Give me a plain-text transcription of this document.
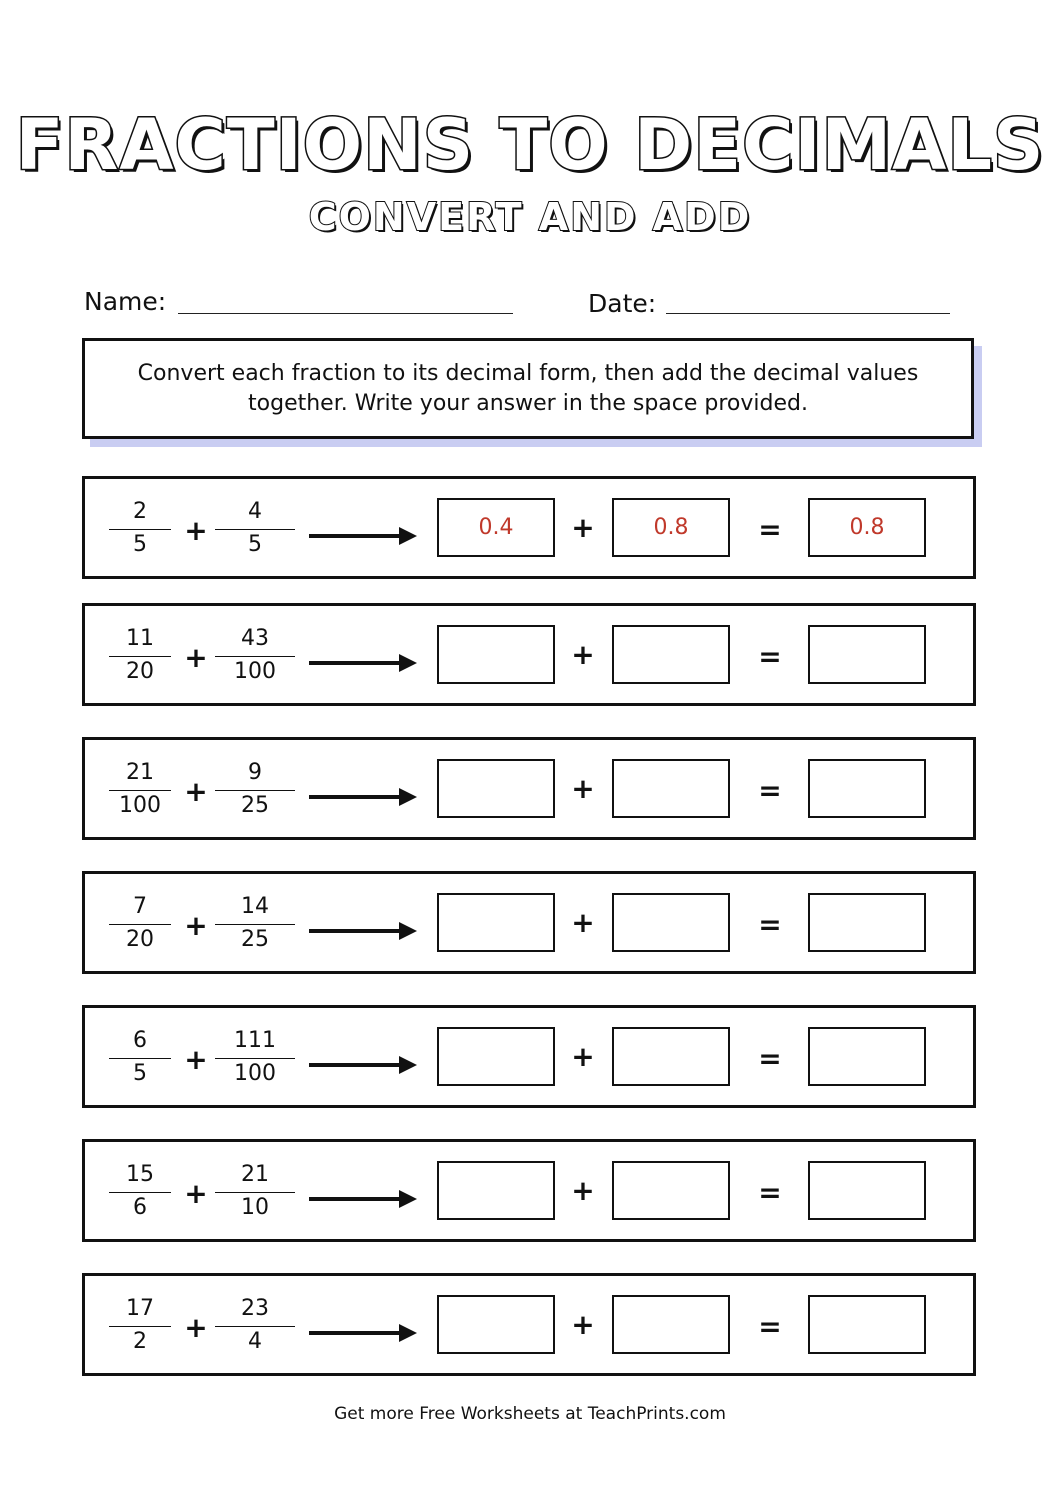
FRACTIONS TO DECIMALS
CONVERT AND ADD
Name:	Date:
Convert each fraction to its decimal form, then add the decimal values together. Write your answer in the space provided.
2
5	+
4
5
0.4	+	0.8	=	0.8
11
20	+
43
100
+	=
21
100 +
9
25
+	=
7
20	+
14
25
+	=
6
5	+
111
100
+	=
15
6	+
21
10
+	=
17
2	+
23
4
+	=
Get more Free Worksheets at TeachPrints.com
